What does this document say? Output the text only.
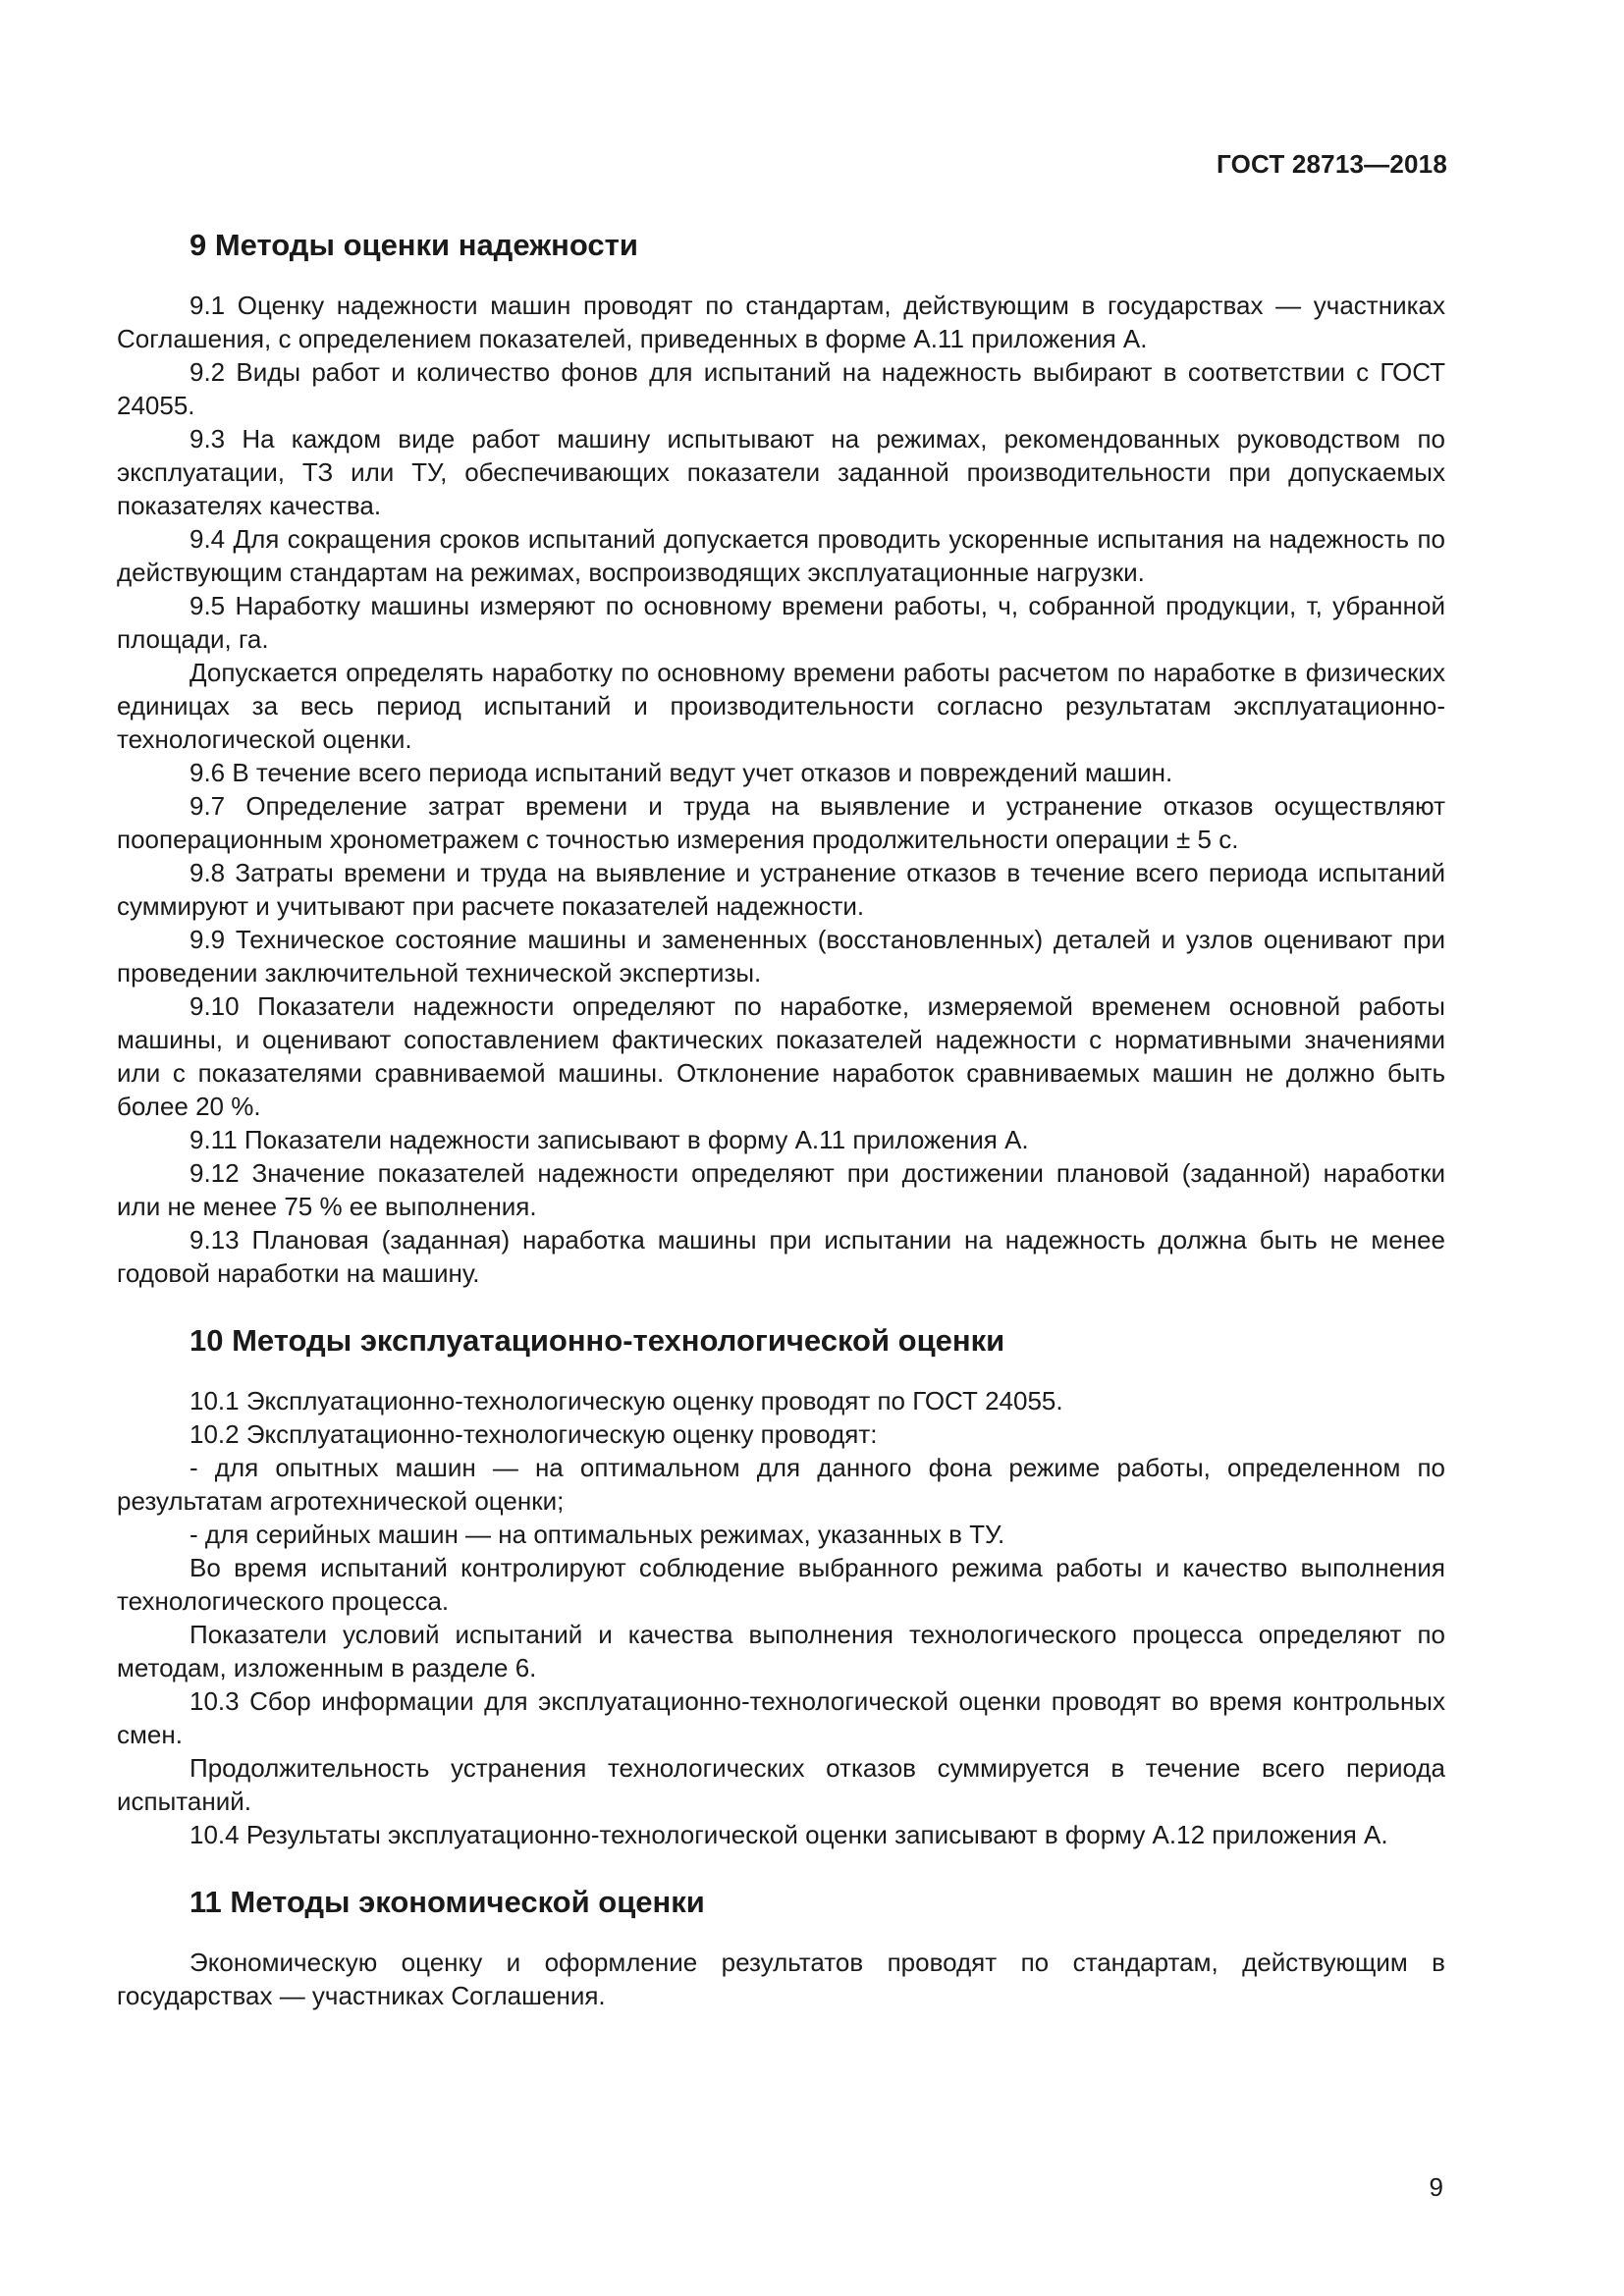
ГОСТ 28713—2018
9 Методы оценки надежности

9.1 Оценку надежности машин проводят по стандартам, действующим в государствах — участниках Соглашения, с определением показателей, приведенных в форме А.11 приложения А.

9.2 Виды работ и количество фонов для испытаний на надежность выбирают в соответствии с ГОСТ 24055.

9.3 На каждом виде работ машину испытывают на режимах, рекомендованных руководством по эксплуатации, ТЗ или ТУ, обеспечивающих показатели заданной производительности при допускаемых показателях качества.

9.4 Для сокращения сроков испытаний допускается проводить ускоренные испытания на надежность по действующим стандартам на режимах, воспроизводящих эксплуатационные нагрузки.

9.5 Наработку машины измеряют по основному времени работы, ч, собранной продукции, т, убранной площади, га.

Допускается определять наработку по основному времени работы расчетом по наработке в физических единицах за весь период испытаний и производительности согласно результатам эксплуатационно-технологической оценки.

9.6 В течение всего периода испытаний ведут учет отказов и повреждений машин.

9.7 Определение затрат времени и труда на выявление и устранение отказов осуществляют пооперационным хронометражем с точностью измерения продолжительности операции ± 5 с.

9.8 Затраты времени и труда на выявление и устранение отказов в течение всего периода испытаний суммируют и учитывают при расчете показателей надежности.

9.9 Техническое состояние машины и замененных (восстановленных) деталей и узлов оценивают при проведении заключительной технической экспертизы.

9.10 Показатели надежности определяют по наработке, измеряемой временем основной работы машины, и оценивают сопоставлением фактических показателей надежности с нормативными значениями или с показателями сравниваемой машины. Отклонение наработок сравниваемых машин не должно быть более 20 %.

9.11 Показатели надежности записывают в форму А.11 приложения А.

9.12 Значение показателей надежности определяют при достижении плановой (заданной) наработки или не менее 75 % ее выполнения.

9.13 Плановая (заданная) наработка машины при испытании на надежность должна быть не менее годовой наработки на машину.

10 Методы эксплуатационно-технологической оценки

10.1 Эксплуатационно-технологическую оценку проводят по ГОСТ 24055.

10.2 Эксплуатационно-технологическую оценку проводят:

- для опытных машин — на оптимальном для данного фона режиме работы, определенном по результатам агротехнической оценки;

- для серийных машин — на оптимальных режимах, указанных в ТУ.

Во время испытаний контролируют соблюдение выбранного режима работы и качество выполнения технологического процесса.

Показатели условий испытаний и качества выполнения технологического процесса определяют по методам, изложенным в разделе 6.

10.3 Сбор информации для эксплуатационно-технологической оценки проводят во время контрольных смен.

Продолжительность устранения технологических отказов суммируется в течение всего периода испытаний.

10.4 Результаты эксплуатационно-технологической оценки записывают в форму А.12 приложения А.

11 Методы экономической оценки

Экономическую оценку и оформление результатов проводят по стандартам, действующим в государствах — участниках Соглашения.

9
